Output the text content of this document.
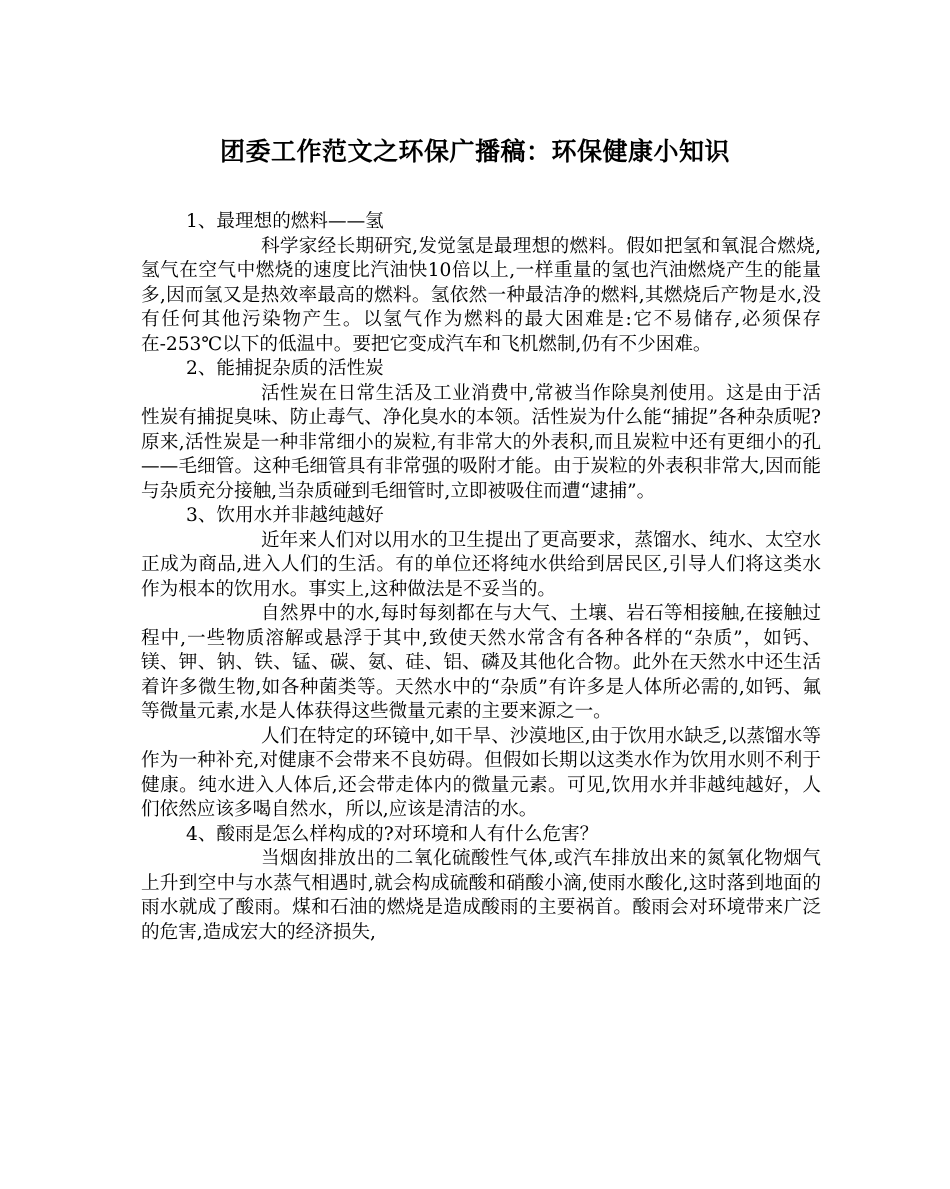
团委工作范文之环保广播稿：环保健康小知识

1、最理想的燃料——氢

科学家经长期研究,发觉氢是最理想的燃料。假如把氢和氧混合燃烧,氢气在空气中燃烧的速度比汽油快10倍以上,一样重量的氢也汽油燃烧产生的能量多,因而氢又是热效率最高的燃料。氢依然一种最洁净的燃料,其燃烧后产物是水,没有任何其他污染物产生。以氢气作为燃料的最大困难是:它不易储存,必须保存在-253℃以下的低温中。要把它变成汽车和飞机燃制,仍有不少困难。

2、能捕捉杂质的活性炭

活性炭在日常生活及工业消费中,常被当作除臭剂使用。这是由于活性炭有捕捉臭味、防止毒气、净化臭水的本领。活性炭为什么能“捕捉”各种杂质呢?原来,活性炭是一种非常细小的炭粒,有非常大的外表积,而且炭粒中还有更细小的孔——毛细管。这种毛细管具有非常强的吸附才能。由于炭粒的外表积非常大,因而能与杂质充分接触,当杂质碰到毛细管时,立即被吸住而遭“逮捕”。

3、饮用水并非越纯越好

近年来人们对以用水的卫生提出了更高要求，蒸馏水、纯水、太空水正成为商品,进入人们的生活。有的单位还将纯水供给到居民区,引导人们将这类水作为根本的饮用水。事实上,这种做法是不妥当的。

自然界中的水,每时每刻都在与大气、土壤、岩石等相接触,在接触过程中,一些物质溶解或悬浮于其中,致使天然水常含有各种各样的“杂质”，如钙、镁、钾、钠、铁、锰、碳、氨、硅、铝、磷及其他化合物。此外在天然水中还生活着许多微生物,如各种菌类等。天然水中的“杂质”有许多是人体所必需的,如钙、氟等微量元素,水是人体获得这些微量元素的主要来源之一。

人们在特定的环镜中,如干旱、沙漠地区,由于饮用水缺乏,以蒸馏水等作为一种补充,对健康不会带来不良妨碍。但假如长期以这类水作为饮用水则不利于健康。纯水进入人体后,还会带走体内的微量元素。可见,饮用水并非越纯越好，人们依然应该多喝自然水，所以,应该是清洁的水。

4、酸雨是怎么样构成的?对环境和人有什么危害？

当烟囱排放出的二氧化硫酸性气体,或汽车排放出来的氮氧化物烟气上升到空中与水蒸气相遇时,就会构成硫酸和硝酸小滴,使雨水酸化,这时落到地面的雨水就成了酸雨。煤和石油的燃烧是造成酸雨的主要祸首。酸雨会对环境带来广泛的危害,造成宏大的经济损失,
